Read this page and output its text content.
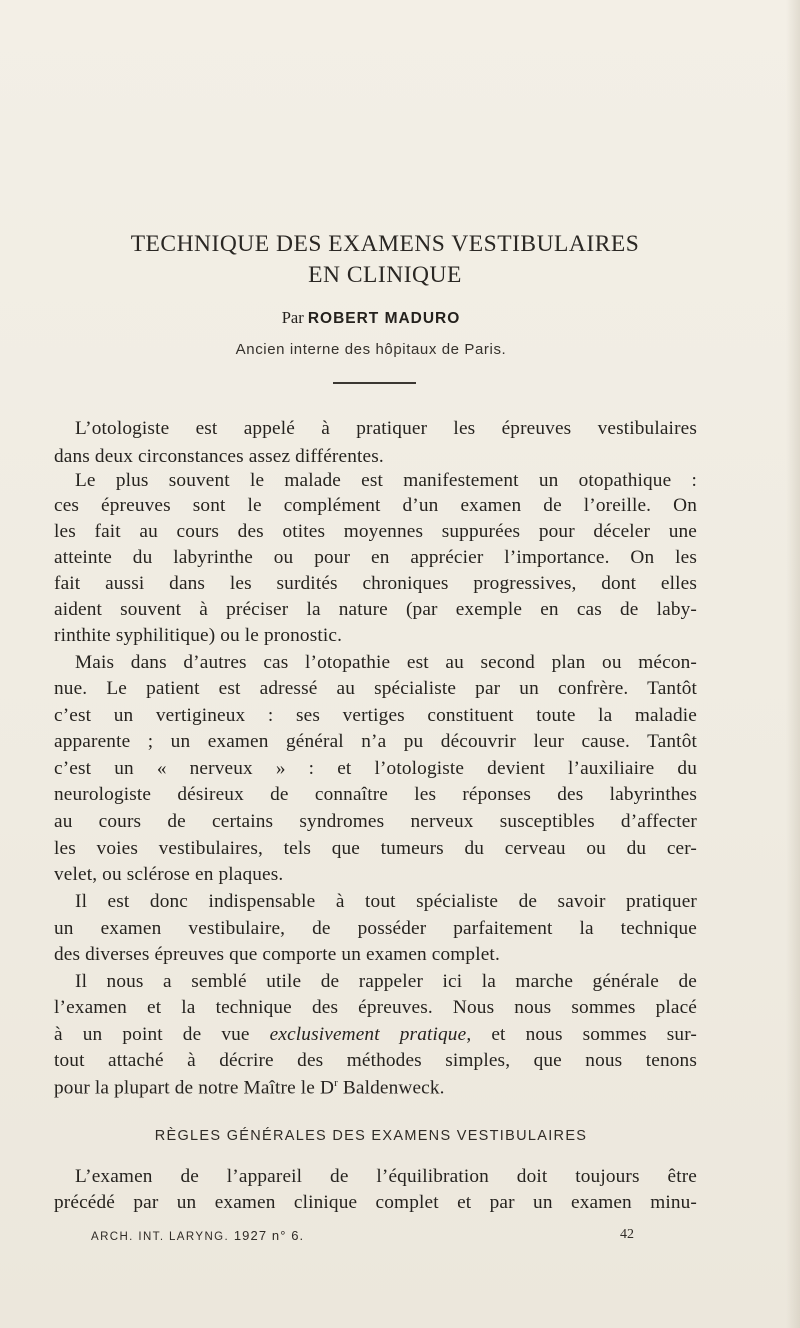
TECHNIQUE DES EXAMENS VESTIBULAIRES
EN CLINIQUE
Par ROBERT MADURO
Ancien interne des hôpitaux de Paris.
L’otologiste est appelé à pratiquer les épreuves vestibulaires
dans deux circonstances assez différentes.
Le plus souvent le malade est manifestement un otopathique :
ces épreuves sont le complément d’un examen de l’oreille. On
les fait au cours des otites moyennes suppurées pour déceler une
atteinte du labyrinthe ou pour en apprécier l’importance. On les
fait aussi dans les surdités chroniques progressives, dont elles
aident souvent à préciser la nature (par exemple en cas de laby-
rinthite syphilitique) ou le pronostic.
Mais dans d’autres cas l’otopathie est au second plan ou mécon-
nue. Le patient est adressé au spécialiste par un confrère. Tantôt
c’est un vertigineux : ses vertiges constituent toute la maladie
apparente ; un examen général n’a pu découvrir leur cause. Tantôt
c’est un « nerveux » : et l’otologiste devient l’auxiliaire du
neurologiste désireux de connaître les réponses des labyrinthes
au cours de certains syndromes nerveux susceptibles d’affecter
les voies vestibulaires, tels que tumeurs du cerveau ou du cer-
velet, ou sclérose en plaques.
Il est donc indispensable à tout spécialiste de savoir pratiquer
un examen vestibulaire, de posséder parfaitement la technique
des diverses épreuves que comporte un examen complet.
Il nous a semblé utile de rappeler ici la marche générale de
l’examen et la technique des épreuves. Nous nous sommes placé
à un point de vue exclusivement pratique, et nous sommes sur-
tout attaché à décrire des méthodes simples, que nous tenons
pour la plupart de notre Maître le $D^r$ Baldenweck.
RÈGLES GÉNÉRALES DES EXAMENS VESTIBULAIRES
L’examen de l’appareil de l’équilibration doit toujours être
précédé par un examen clinique complet et par un examen minu-
ARCH. INT. LARYNG. 1927 n° 6.	42
